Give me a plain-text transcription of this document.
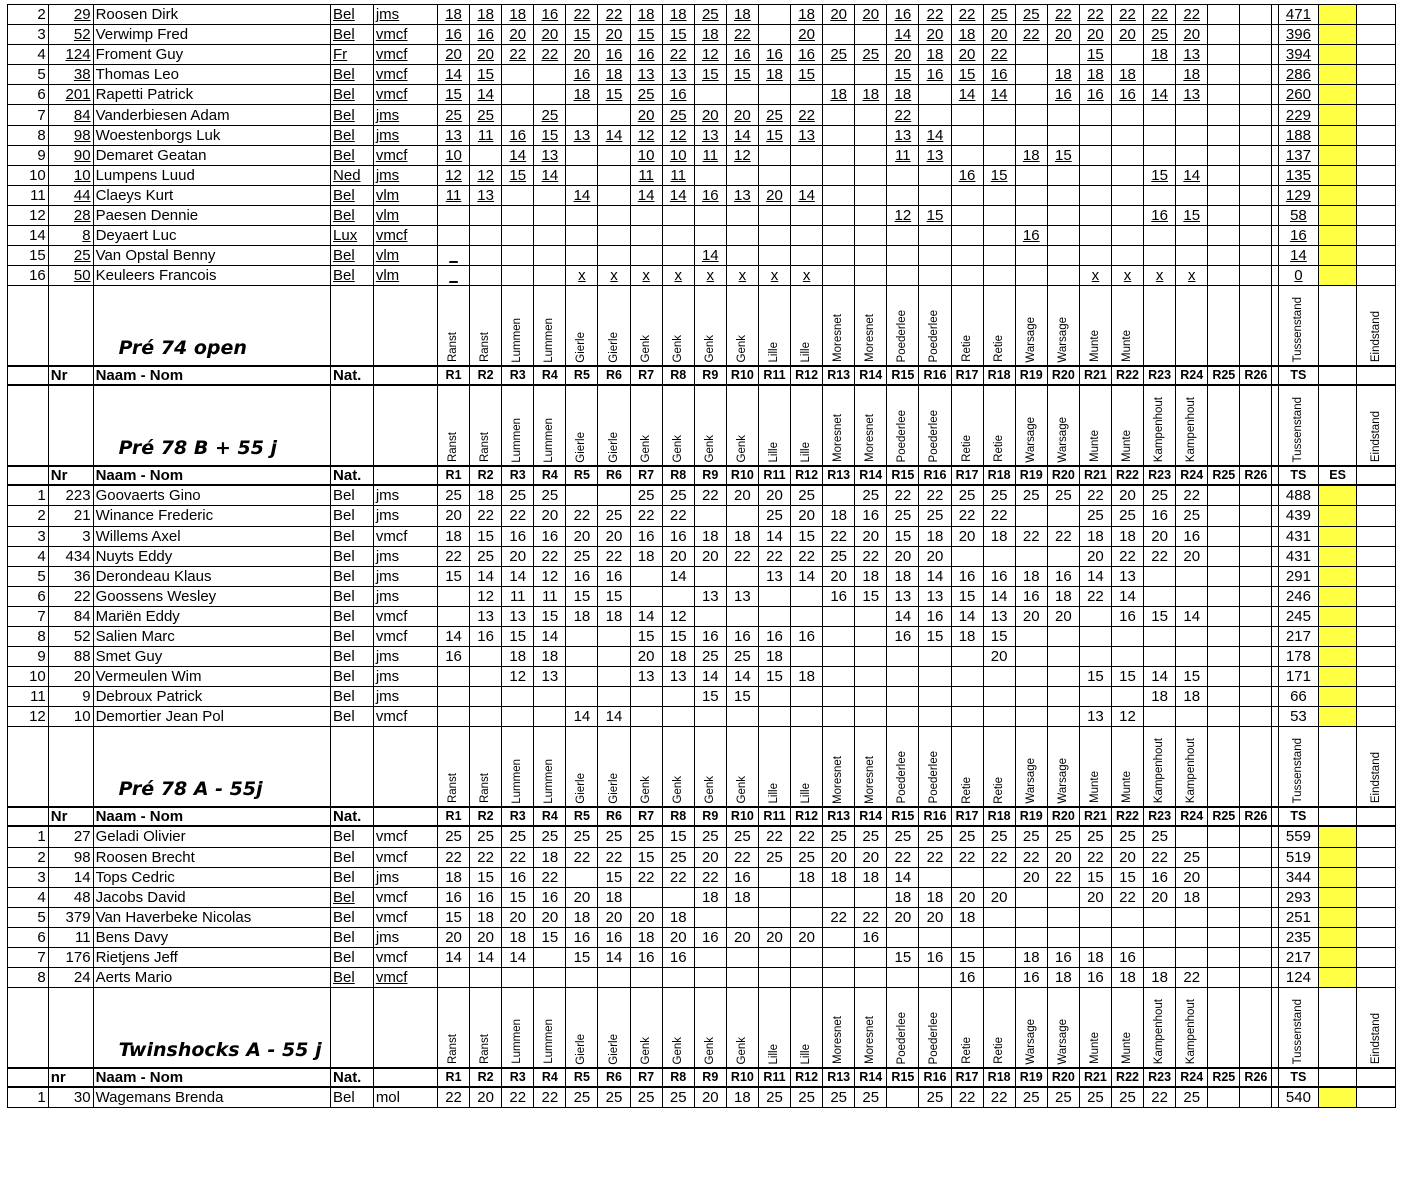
2	29	Roosen Dirk	Bel	jms	18	18	18	16	22	22	18	18	25	18		18	20	20	16	22	22	25	25	22	22	22	22	22				471		
3	52	Verwimp Fred	Bel	vmcf	16	16	20	20	15	20	15	15	18	22		20			14	20	18	20	22	20	20	20	25	20				396		
4	124	Froment Guy	Fr	vmcf	20	20	22	22	20	16	16	22	12	16	16	16	25	25	20	18	20	22			15		18	13				394		
5	38	Thomas Leo	Bel	vmcf	14	15			16	18	13	13	15	15	18	15			15	16	15	16		18	18	18		18				286		
6	201	Rapetti Patrick	Bel	vmcf	15	14			18	15	25	16					18	18	18		14	14		16	16	16	14	13				260		
7	84	Vanderbiesen Adam	Bel	jms	25	25		25			20	25	20	20	25	22			22													229		
8	98	Woestenborgs Luk	Bel	jms	13	11	16	15	13	14	12	12	13	14	15	13			13	14												188		
9	90	Demaret Geatan	Bel	vmcf	10		14	13			10	10	11	12					11	13			18	15								137		
10	10	Lumpens Luud	Ned	jms	12	12	15	14			11	11									16	15					15	14				135		
11	44	Claeys Kurt	Bel	vlm	11	13			14		14	14	16	13	20	14																129		
12	28	Paesen Dennie	Bel	vlm															12	15							16	15				58		
14	8	Deyaert Luc	Lux	vmcf																			16									16		
15	25	Van Opstal Benny	Bel	vlm	_								14																			14		
16	50	Keuleers Francois	Bel	vlm	_				x	x	x	x	x	x	x	x									x	x	x	x				0		

		Pré 74 open			Ranst	Ranst	Lummen	Lummen	Gierle	Gierle	Genk	Genk	Genk	Genk	Lille	Lille	Moresnet	Moresnet	Poederlee	Poederlee	Retie	Retie	Warsage	Warsage	Munte	Munte						Tussenstand		Eindstand

	Nr	Naam - Nom	Nat.		R1	R2	R3	R4	R5	R6	R7	R8	R9	R10	R11	R12	R13	R14	R15	R16	R17	R18	R19	R20	R21	R22	R23	R24	R25	R26		TS		

		Pré 78 B + 55 j			Ranst	Ranst	Lummen	Lummen	Gierle	Gierle	Genk	Genk	Genk	Genk	Lille	Lille	Moresnet	Moresnet	Poederlee	Poederlee	Retie	Retie	Warsage	Warsage	Munte	Munte	Kampenhout	Kampenhout				Tussenstand		Eindstand

	Nr	Naam - Nom	Nat.		R1	R2	R3	R4	R5	R6	R7	R8	R9	R10	R11	R12	R13	R14	R15	R16	R17	R18	R19	R20	R21	R22	R23	R24	R25	R26		TS	ES	
1	223	Goovaerts Gino	Bel	jms	25	18	25	25			25	25	22	20	20	25		25	22	22	25	25	25	25	22	20	25	22				488		
2	21	Winance Frederic	Bel	jms	20	22	22	20	22	25	22	22			25	20	18	16	25	25	22	22			25	25	16	25				439		
3	3	Willems Axel	Bel	vmcf	18	15	16	16	20	20	16	16	18	18	14	15	22	20	15	18	20	18	22	22	18	18	20	16				431		
4	434	Nuyts Eddy	Bel	jms	22	25	20	22	25	22	18	20	20	22	22	22	25	22	20	20					20	22	22	20				431		
5	36	Derondeau Klaus	Bel	jms	15	14	14	12	16	16		14			13	14	20	18	18	14	16	16	18	16	14	13						291		
6	22	Goossens Wesley	Bel	jms		12	11	11	15	15			13	13			16	15	13	13	15	14	16	18	22	14						246		
7	84	Mariën Eddy	Bel	vmcf		13	13	15	18	18	14	12							14	16	14	13	20	20		16	15	14				245		
8	52	Salien Marc	Bel	vmcf	14	16	15	14			15	15	16	16	16	16			16	15	18	15										217		
9	88	Smet Guy	Bel	jms	16		18	18			20	18	25	25	18							20										178		
10	20	Vermeulen Wim	Bel	jms			12	13			13	13	14	14	15	18									15	15	14	15				171		
11	9	Debroux Patrick	Bel	jms									15	15													18	18				66		
12	10	Demortier Jean Pol	Bel	vmcf					14	14															13	12						53		

		Pré 78 A - 55j			Ranst	Ranst	Lummen	Lummen	Gierle	Gierle	Genk	Genk	Genk	Genk	Lille	Lille	Moresnet	Moresnet	Poederlee	Poederlee	Retie	Retie	Warsage	Warsage	Munte	Munte	Kampenhout	Kampenhout				Tussenstand		Eindstand

	Nr	Naam - Nom	Nat.		R1	R2	R3	R4	R5	R6	R7	R8	R9	R10	R11	R12	R13	R14	R15	R16	R17	R18	R19	R20	R21	R22	R23	R24	R25	R26		TS		
1	27	Geladi Olivier	Bel	vmcf	25	25	25	25	25	25	25	15	25	25	22	22	25	25	25	25	25	25	25	25	25	25	25					559		
2	98	Roosen Brecht	Bel	vmcf	22	22	22	18	22	22	15	25	20	22	25	25	20	20	22	22	22	22	22	20	22	20	22	25				519		
3	14	Tops Cedric	Bel	jms	18	15	16	22		15	22	22	22	16		18	18	18	14				20	22	15	15	16	20				344		
4	48	Jacobs David	Bel	vmcf	16	16	15	16	20	18			18	18					18	18	20	20			20	22	20	18				293		
5	379	Van Haverbeke Nicolas	Bel	vmcf	15	18	20	20	18	20	20	18					22	22	20	20	18											251		
6	11	Bens Davy	Bel	jms	20	20	18	15	16	16	18	20	16	20	20	20		16														235		
7	176	Rietjens Jeff	Bel	vmcf	14	14	14		15	14	16	16							15	16	15		18	16	18	16						217		
8	24	Aerts Mario	Bel	vmcf																	16		16	18	16	18	18	22				124		

		Twinshocks A - 55 j			Ranst	Ranst	Lummen	Lummen	Gierle	Gierle	Genk	Genk	Genk	Genk	Lille	Lille	Moresnet	Moresnet	Poederlee	Poederlee	Retie	Retie	Warsage	Warsage	Munte	Munte	Kampenhout	Kampenhout				Tussenstand		Eindstand

	nr	Naam - Nom	Nat.		R1	R2	R3	R4	R5	R6	R7	R8	R9	R10	R11	R12	R13	R14	R15	R16	R17	R18	R19	R20	R21	R22	R23	R24	R25	R26		TS		
1	30	Wagemans Brenda	Bel	mol	22	20	22	22	25	25	25	25	20	18	25	25	25	25		25	22	22	25	25	25	25	22	25				540		
